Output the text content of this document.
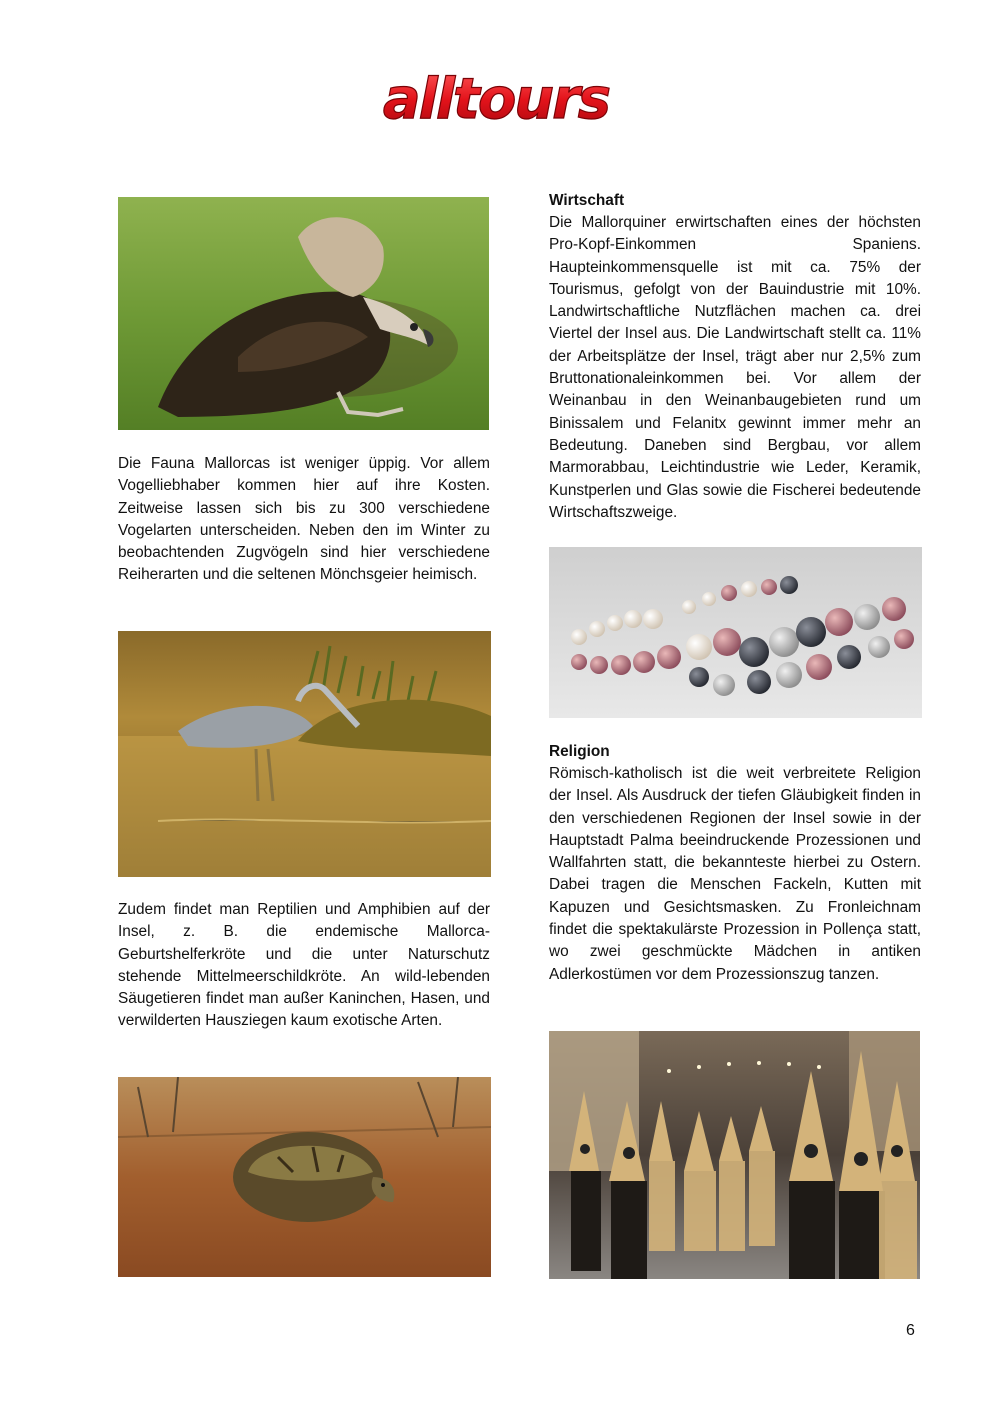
alltours
Die Fauna Mallorcas ist weniger üppig. Vor allem Vogelliebhaber kommen hier auf ihre Kosten. Zeitweise lassen sich bis zu 300 verschiedene Vogelarten unterscheiden. Neben den im Winter zu beobachtenden Zugvögeln sind hier verschiedene Reiherarten und die seltenen Mönchsgeier heimisch.
Zudem findet man Reptilien und Amphibien auf der Insel, z. B. die endemische Mallorca-Geburtshelferkröte und die unter Naturschutz stehende Mittelmeerschildkröte. An wild-lebenden Säugetieren findet man außer Kaninchen, Hasen, und verwilderten Hausziegen kaum exotische Arten.
Wirtschaft
Die Mallorquiner erwirtschaften eines der höchsten Pro-Kopf-Einkommen Spaniens. Haupteinkommensquelle ist mit ca. 75% der Tourismus, gefolgt von der Bauindustrie mit 10%. Landwirtschaftliche Nutzflächen machen ca. drei Viertel der Insel aus. Die Landwirtschaft stellt ca. 11% der Arbeitsplätze der Insel, trägt aber nur 2,5% zum Bruttonationaleinkommen bei. Vor allem der Weinanbau in den Weinanbaugebieten rund um Binissalem und Felanitx gewinnt immer mehr an Bedeutung. Daneben sind Bergbau, vor allem Marmorabbau, Leichtindustrie wie Leder, Keramik, Kunstperlen und Glas sowie die Fischerei bedeutende Wirtschaftszweige.
Religion
Römisch-katholisch ist die weit verbreitete Religion der Insel. Als Ausdruck der tiefen Gläubigkeit finden in den verschiedenen Regionen der Insel sowie in der Hauptstadt Palma beeindruckende Prozessionen und Wallfahrten statt, die bekannteste hierbei zu Ostern. Dabei tragen die Menschen Fackeln, Kutten mit Kapuzen und Gesichtsmasken. Zu Fronleichnam findet die spektakulärste Prozession in Pollença statt, wo zwei geschmückte Mädchen in antiken Adlerkostümen vor dem Prozessionszug tanzen.
6
